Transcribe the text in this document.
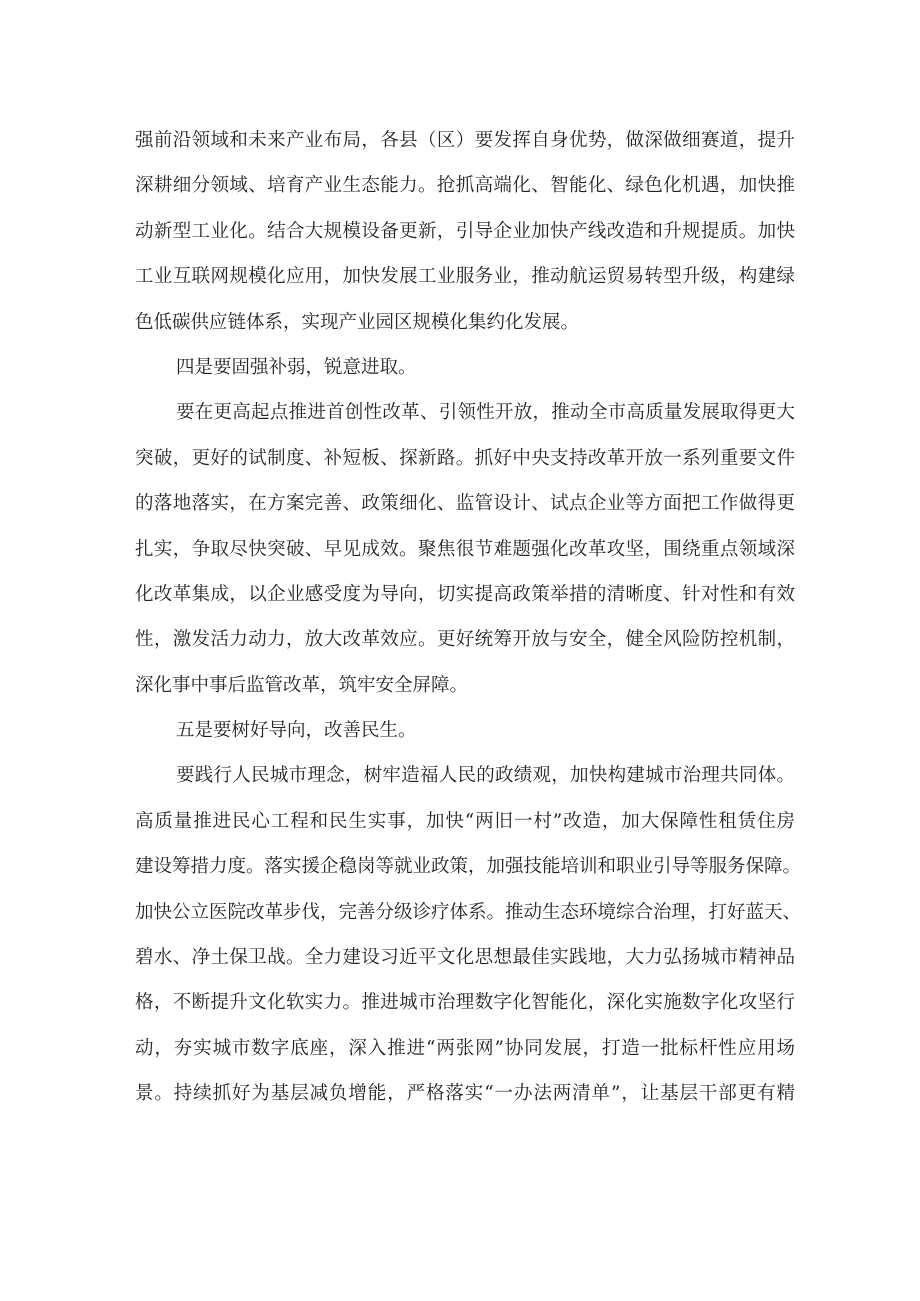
强前沿领域和未来产业布局，各县（区）要发挥自身优势，做深做细赛道，提升
深耕细分领域、培育产业生态能力。抢抓高端化、智能化、绿色化机遇，加快推
动新型工业化。结合大规模设备更新，引导企业加快产线改造和升规提质。加快
工业互联网规模化应用，加快发展工业服务业，推动航运贸易转型升级，构建绿
色低碳供应链体系，实现产业园区规模化集约化发展。
四是要固强补弱，锐意进取。
要在更高起点推进首创性改革、引领性开放，推动全市高质量发展取得更大
突破，更好的试制度、补短板、探新路。抓好中央支持改革开放一系列重要文件
的落地落实，在方案完善、政策细化、监管设计、试点企业等方面把工作做得更
扎实，争取尽快突破、早见成效。聚焦很节难题强化改革攻坚，围绕重点领域深
化改革集成，以企业感受度为导向，切实提高政策举措的清晰度、针对性和有效
性，激发活力动力，放大改革效应。更好统筹开放与安全，健全风险防控机制，
深化事中事后监管改革，筑牢安全屏障。
五是要树好导向，改善民生。
要践行人民城市理念，树牢造福人民的政绩观，加快构建城市治理共同体。
高质量推进民心工程和民生实事，加快“两旧一村”改造，加大保障性租赁住房
建设筹措力度。落实援企稳岗等就业政策，加强技能培训和职业引导等服务保障。
加快公立医院改革步伐，完善分级诊疗体系。推动生态环境综合治理，打好蓝天、
碧水、净土保卫战。全力建设习近平文化思想最佳实践地，大力弘扬城市精神品
格，不断提升文化软实力。推进城市治理数字化智能化，深化实施数字化攻坚行
动，夯实城市数字底座，深入推进“两张网”协同发展，打造一批标杆性应用场
景。持续抓好为基层减负增能，严格落实“一办法两清单”，让基层干部更有精
